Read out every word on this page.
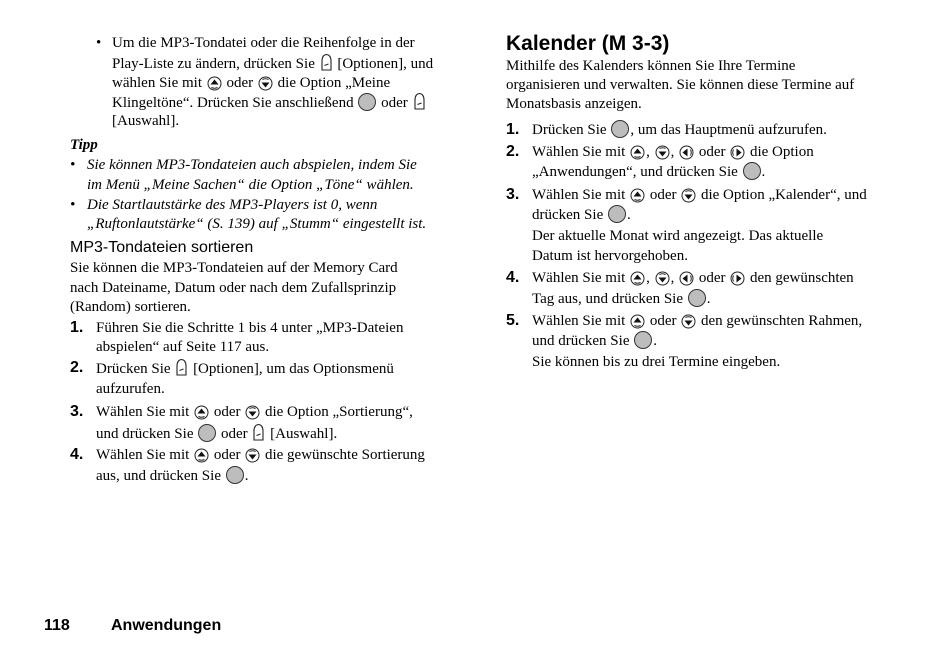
• Um die MP3-Tondatei oder die Reihenfolge in der
Play-Liste zu ändern, drücken Sie [Optionen], und
wählen Sie mit oder die Option „Meine
Klingeltöne“. Drücken Sie anschließend oder
[Auswahl].
Tipp
• Sie können MP3-Tondateien auch abspielen, indem Sie
im Menü „Meine Sachen“ die Option „Töne“ wählen.
• Die Startlautstärke des MP3-Players ist 0, wenn
„Ruftonlautstärke“ (S. 139) auf „Stumm“ eingestellt ist.
MP3-Tondateien sortieren
Sie können die MP3-Tondateien auf der Memory Card
nach Dateiname, Datum oder nach dem Zufallsprinzip
(Random) sortieren.
1. Führen Sie die Schritte 1 bis 4 unter „MP3-Dateien
abspielen“ auf Seite 117 aus.
2. Drücken Sie [Optionen], um das Optionsmenü
aufzurufen.
3. Wählen Sie mit oder die Option „Sortierung“,
und drücken Sie oder [Auswahl].
4. Wählen Sie mit oder die gewünschte Sortierung
aus, und drücken Sie .
Kalender (M 3-3)
Mithilfe des Kalenders können Sie Ihre Termine
organisieren und verwalten. Sie können diese Termine auf
Monatsbasis anzeigen.
1. Drücken Sie , um das Hauptmenü aufzurufen.
2. Wählen Sie mit , , oder die Option
„Anwendungen“, und drücken Sie .
3. Wählen Sie mit oder die Option „Kalender“, und
drücken Sie .
Der aktuelle Monat wird angezeigt. Das aktuelle
Datum ist hervorgehoben.
4. Wählen Sie mit , , oder den gewünschten
Tag aus, und drücken Sie .
5. Wählen Sie mit oder den gewünschten Rahmen,
und drücken Sie .
Sie können bis zu drei Termine eingeben.
118	Anwendungen
